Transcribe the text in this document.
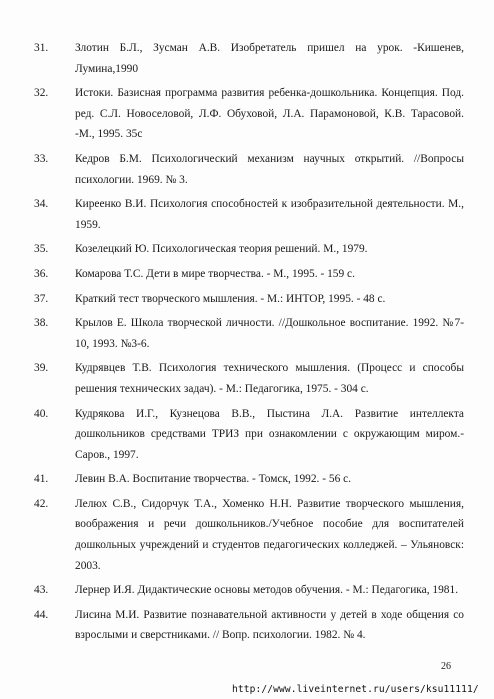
31. Злотин Б.Л., Зусман А.В. Изобретатель пришел на урок. -Кишенев, Лумина,1990
32. Истоки. Базисная программа развития ребенка-дошкольника. Концепция. Под. ред. С.Л. Новоселовой, Л.Ф. Обуховой, Л.А. Парамоновой, К.В. Тарасовой. -М., 1995. 35с
33. Кедров Б.М. Психологический механизм научных открытий. //Вопросы психологии. 1969. № 3.
34. Киреенко В.И. Психология способностей к изобразительной деятельности. М., 1959.
35. Козелецкий Ю. Психологическая теория решений. М., 1979.
36. Комарова Т.С. Дети в мире творчества. - М., 1995. - 159 с.
37. Краткий тест творческого мышления. - М.: ИНТОР, 1995. - 48 с.
38. Крылов Е. Школа творческой личности. //Дошкольное воспитание. 1992. №7-10, 1993. №3-6.
39. Кудрявцев Т.В. Психология технического мышления. (Процесс и способы решения технических задач). - М.: Педагогика, 1975. - 304 с.
40. Кудрякова И.Г., Кузнецова В.В., Пыстина Л.А. Развитие интеллекта дошкольников средствами ТРИЗ при ознакомлении с окружающим миром.- Саров., 1997.
41. Левин В.А. Воспитание творчества. - Томск, 1992. - 56 с.
42. Лелюх С.В., Сидорчук Т.А., Хоменко Н.Н. Развитие творческого мышления, воображения и речи дошкольников./Учебное пособие для воспитателей дошкольных учреждений и студентов педагогических колледжей. – Ульяновск: 2003.
43. Лернер И.Я. Дидактические основы методов обучения. - М.: Педагогика, 1981.
44. Лисина М.И. Развитие познавательной активности у детей в ходе общения со взрослыми и сверстниками. // Вопр. психологии. 1982. № 4.
26
http://www.liveinternet.ru/users/ksu11111/
